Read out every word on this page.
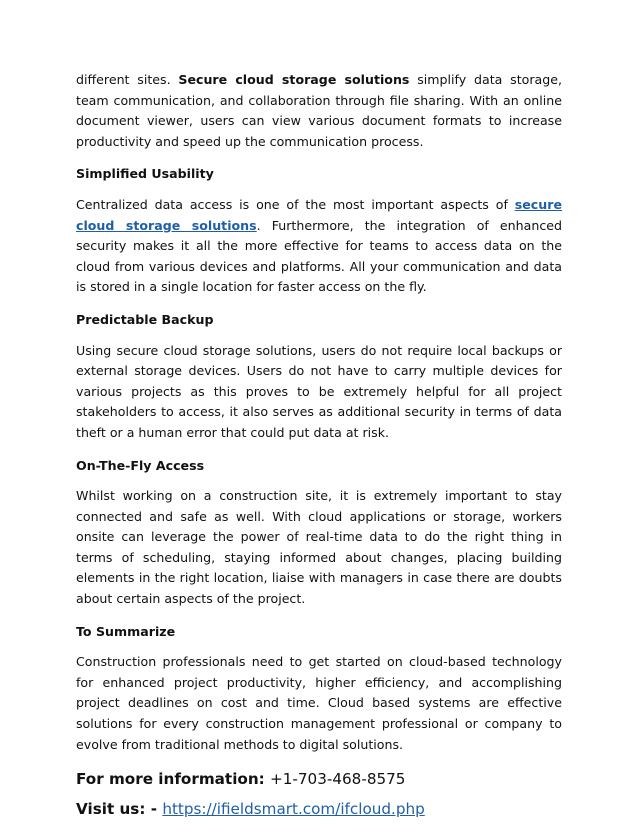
different sites. Secure cloud storage solutions simplify data storage, team communication, and collaboration through file sharing. With an online document viewer, users can view various document formats to increase productivity and speed up the communication process.

Simplified Usability

Centralized data access is one of the most important aspects of secure cloud storage solutions. Furthermore, the integration of enhanced security makes it all the more effective for teams to access data on the cloud from various devices and platforms. All your communication and data is stored in a single location for faster access on the fly.

Predictable Backup

Using secure cloud storage solutions, users do not require local backups or external storage devices. Users do not have to carry multiple devices for various projects as this proves to be extremely helpful for all project stakeholders to access, it also serves as additional security in terms of data theft or a human error that could put data at risk.

On-The-Fly Access

Whilst working on a construction site, it is extremely important to stay connected and safe as well. With cloud applications or storage, workers onsite can leverage the power of real-time data to do the right thing in terms of scheduling, staying informed about changes, placing building elements in the right location, liaise with managers in case there are doubts about certain aspects of the project.

To Summarize

Construction professionals need to get started on cloud-based technology for enhanced project productivity, higher efficiency, and accomplishing project deadlines on cost and time. Cloud based systems are effective solutions for every construction management professional or company to evolve from traditional methods to digital solutions.

For more information: +1-703-468-8575
Visit us: - https://ifieldsmart.com/ifcloud.php
